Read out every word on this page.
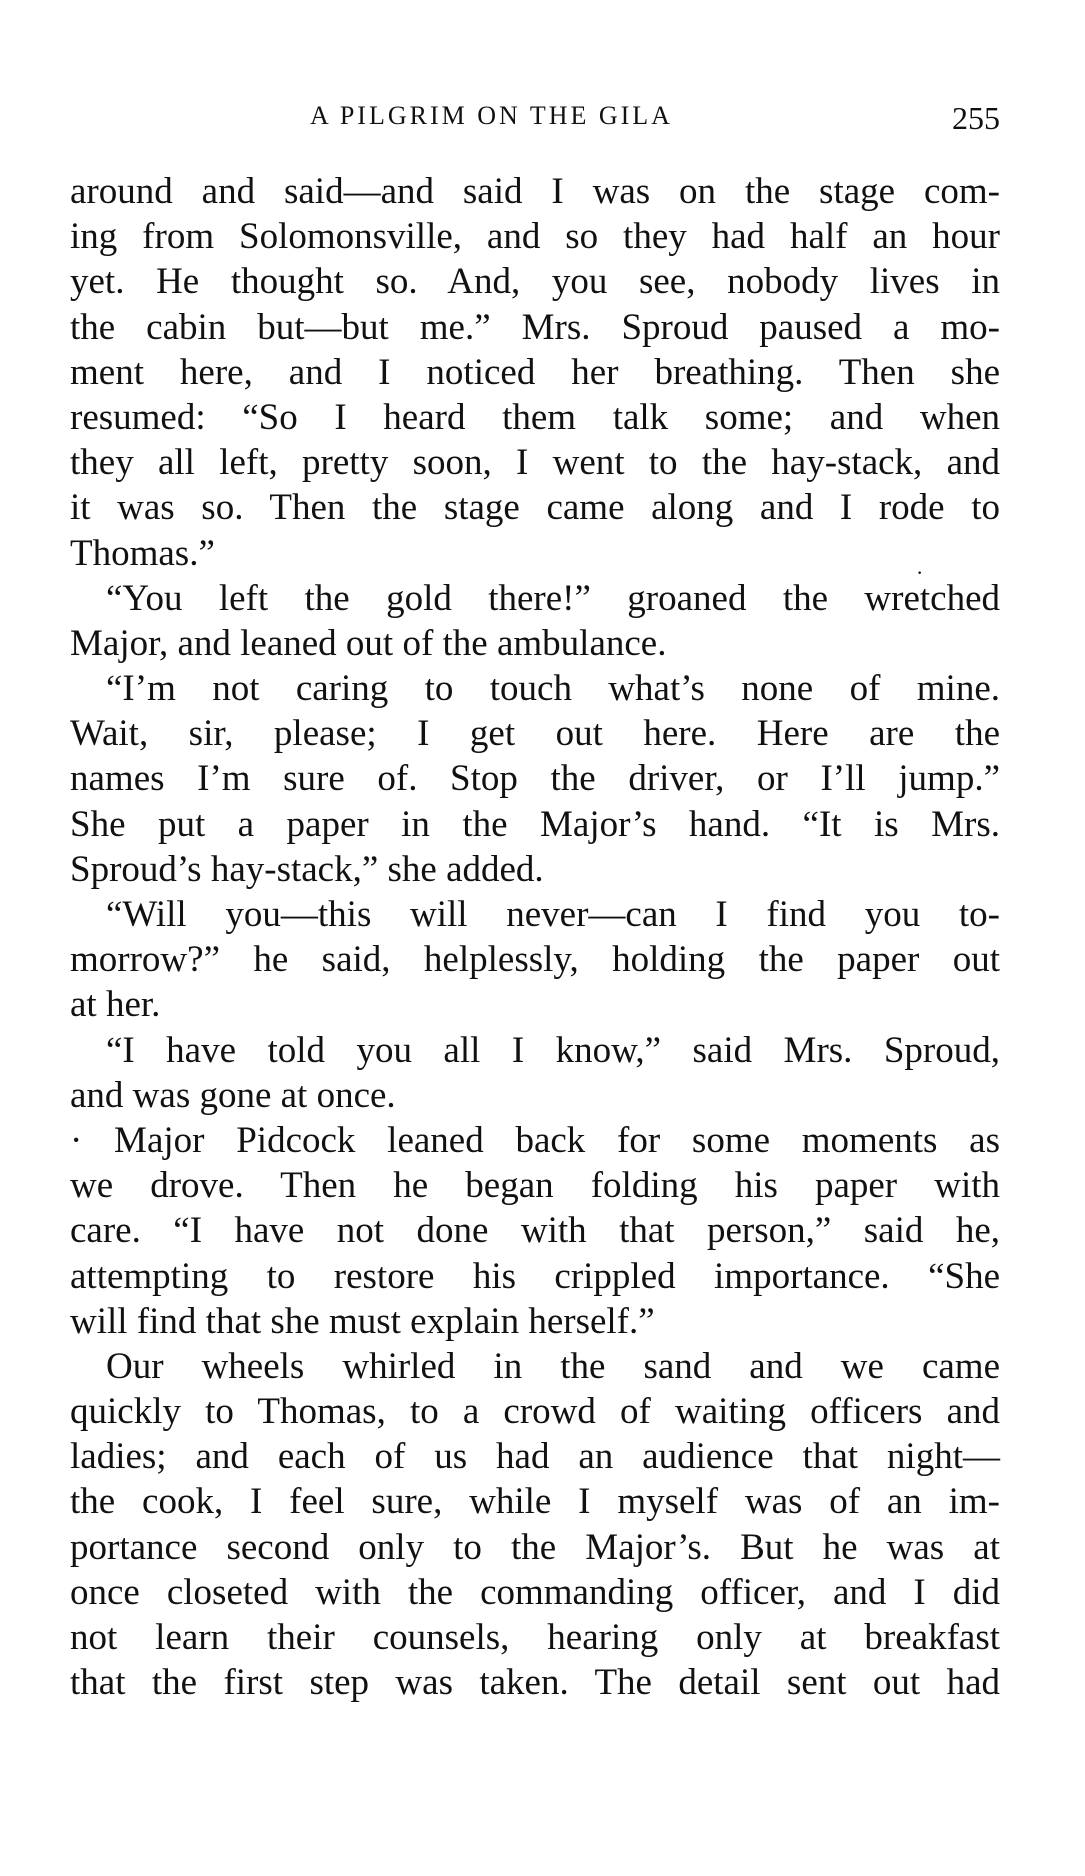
A PILGRIM ON THE GILA	255
·
around and said—and said I was on the stage com-
ing from Solomonsville, and so they had half an hour
yet. He thought so. And, you see, nobody lives in
the cabin but—but me.” Mrs. Sproud paused a mo-
ment here, and I noticed her breathing. Then she
resumed: “So I heard them talk some; and when
they all left, pretty soon, I went to the hay-stack, and
it was so. Then the stage came along and I rode to
Thomas.”
“You left the gold there!” groaned the wretched
Major, and leaned out of the ambulance.
“I’m not caring to touch what’s none of mine.
Wait, sir, please; I get out here. Here are the
names I’m sure of. Stop the driver, or I’ll jump.”
She put a paper in the Major’s hand. “It is Mrs.
Sproud’s hay-stack,” she added.
“Will you—this will never—can I find you to-
morrow?” he said, helplessly, holding the paper out
at her.
“I have told you all I know,” said Mrs. Sproud,
and was gone at once.
· Major Pidcock leaned back for some moments as
we drove. Then he began folding his paper with
care. “I have not done with that person,” said he,
attempting to restore his crippled importance. “She
will find that she must explain herself.”
Our wheels whirled in the sand and we came
quickly to Thomas, to a crowd of waiting officers and
ladies; and each of us had an audience that night—
the cook, I feel sure, while I myself was of an im-
portance second only to the Major’s. But he was at
once closeted with the commanding officer, and I did
not learn their counsels, hearing only at breakfast
that the first step was taken. The detail sent out had
